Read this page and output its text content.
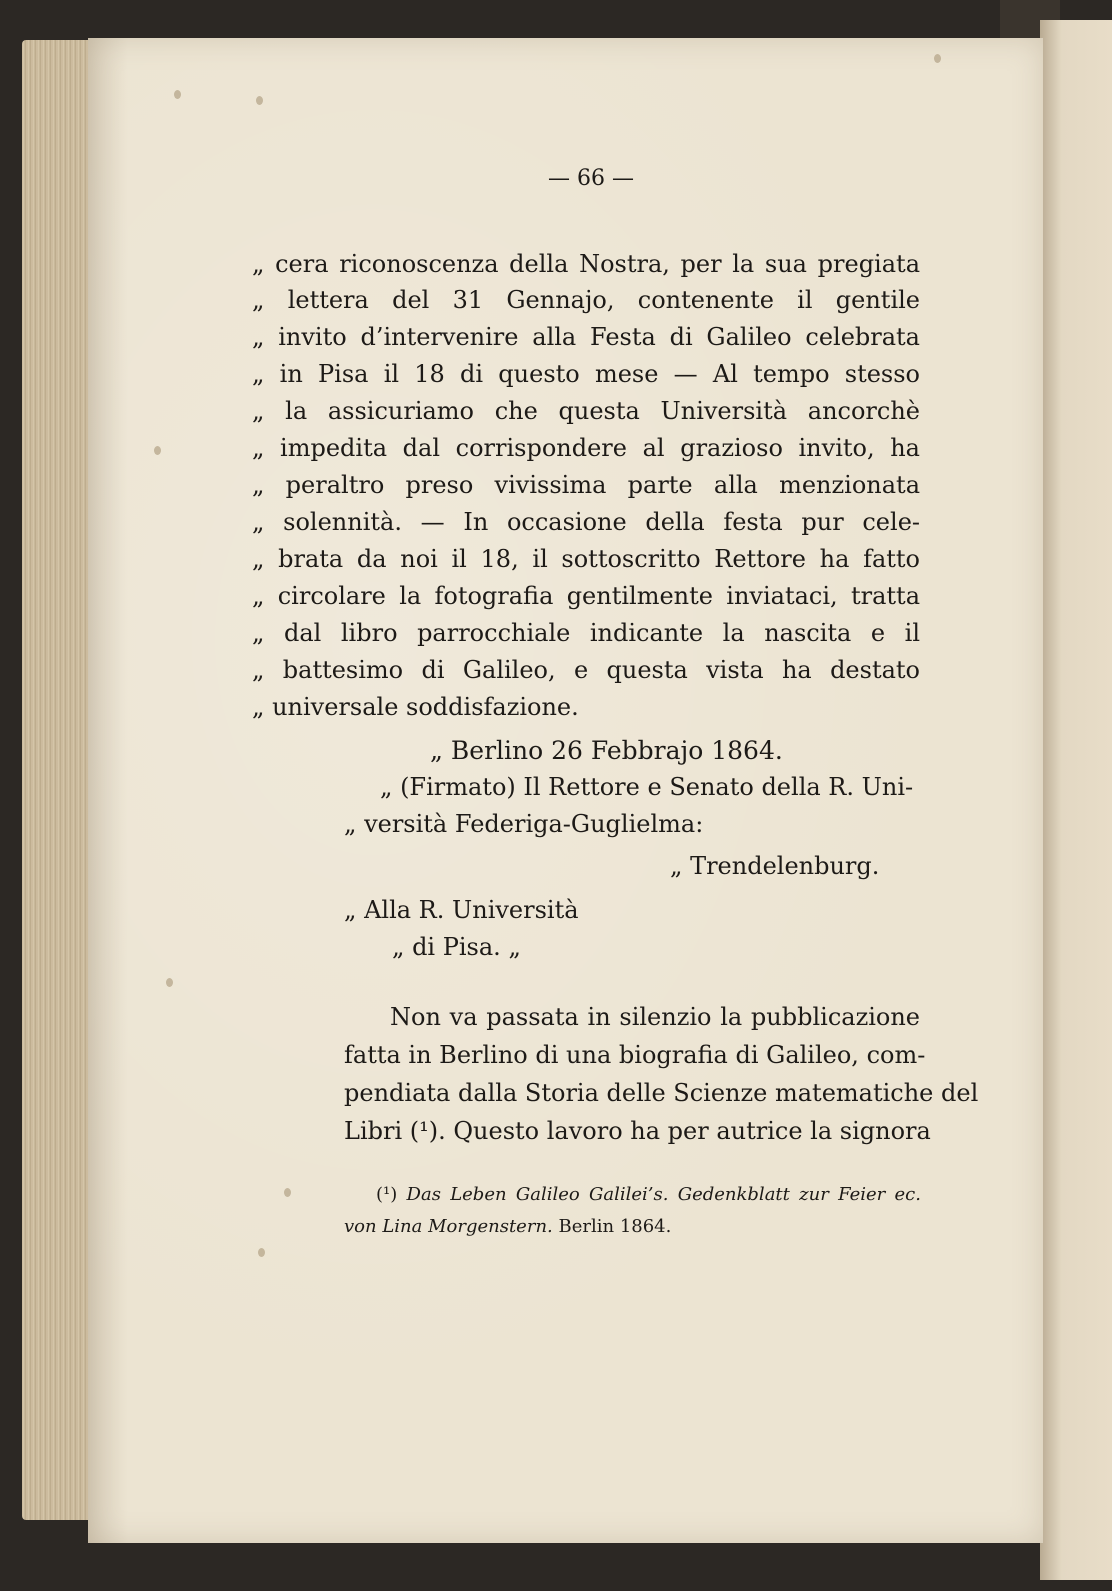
— 66 —
„ cera riconoscenza della Nostra, per la sua pregiata
„ lettera del 31 Gennajo, contenente il gentile
„ invito d’intervenire alla Festa di Galileo celebrata
„ in Pisa il 18 di questo mese — Al tempo stesso
„ la assicuriamo che questa Università ancorchè
„ impedita dal corrispondere al grazioso invito, ha
„ peraltro preso vivissima parte alla menzionata
„ solennità. — In occasione della festa pur cele-
„ brata da noi il 18, il sottoscritto Rettore ha fatto
„ circolare la fotografia gentilmente inviataci, tratta
„ dal libro parrocchiale indicante la nascita e il
„ battesimo di Galileo, e questa vista ha destato
„ universale soddisfazione.
„ Berlino 26 Febbrajo 1864.
„ (Firmato) Il Rettore e Senato della R. Uni-
„ versità Federiga-Guglielma:
„ Trendelenburg.
„ Alla R. Università
„ di Pisa. „
Non va passata in silenzio la pubblicazione
fatta in Berlino di una biografia di Galileo, com-
pendiata dalla Storia delle Scienze matematiche del
Libri (¹). Questo lavoro ha per autrice la signora
(¹) Das Leben Galileo Galilei’s. Gedenkblatt zur Feier ec.
von Lina Morgenstern. Berlin 1864.
